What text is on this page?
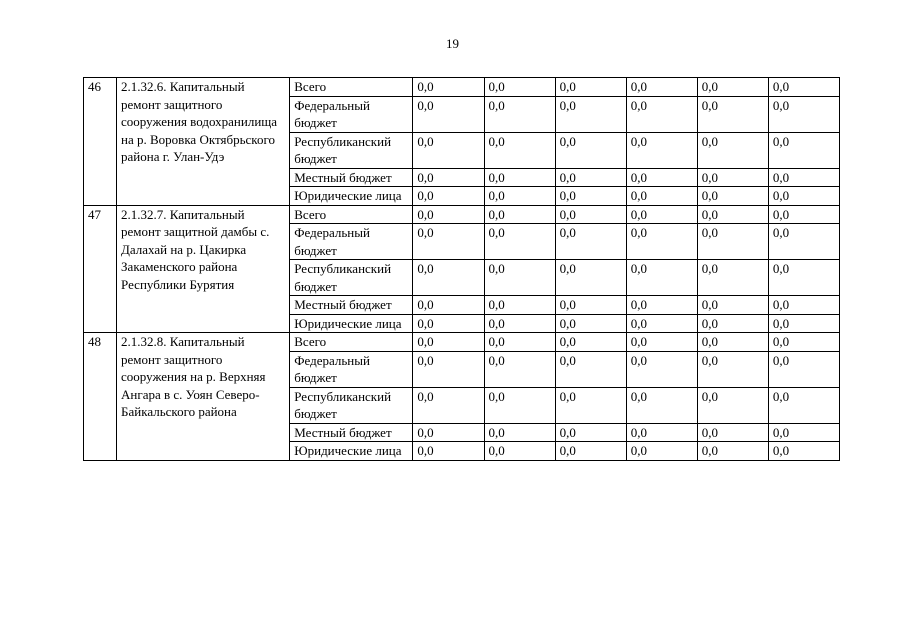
19
46	2.1.32.6. Капитальный ремонт защитного сооружения водохранилища на р. Воровка Октябрьского района г. Улан-Удэ	Всего	0,0	0,0	0,0	0,0	0,0	0,0
		Федеральный бюджет	0,0	0,0	0,0	0,0	0,0	0,0
		Республиканский бюджет	0,0	0,0	0,0	0,0	0,0	0,0
		Местный бюджет	0,0	0,0	0,0	0,0	0,0	0,0
		Юридические лица	0,0	0,0	0,0	0,0	0,0	0,0
47	2.1.32.7. Капитальный ремонт защитной дамбы с. Далахай на р. Цакирка Закаменского района Республики Бурятия	Всего	0,0	0,0	0,0	0,0	0,0	0,0
		Федеральный бюджет	0,0	0,0	0,0	0,0	0,0	0,0
		Республиканский бюджет	0,0	0,0	0,0	0,0	0,0	0,0
		Местный бюджет	0,0	0,0	0,0	0,0	0,0	0,0
		Юридические лица	0,0	0,0	0,0	0,0	0,0	0,0
48	2.1.32.8. Капитальный ремонт защитного сооружения на р. Верхняя Ангара в с. Уоян Северо-Байкальского района	Всего	0,0	0,0	0,0	0,0	0,0	0,0
		Федеральный бюджет	0,0	0,0	0,0	0,0	0,0	0,0
		Республиканский бюджет	0,0	0,0	0,0	0,0	0,0	0,0
		Местный бюджет	0,0	0,0	0,0	0,0	0,0	0,0
		Юридические лица	0,0	0,0	0,0	0,0	0,0	0,0
